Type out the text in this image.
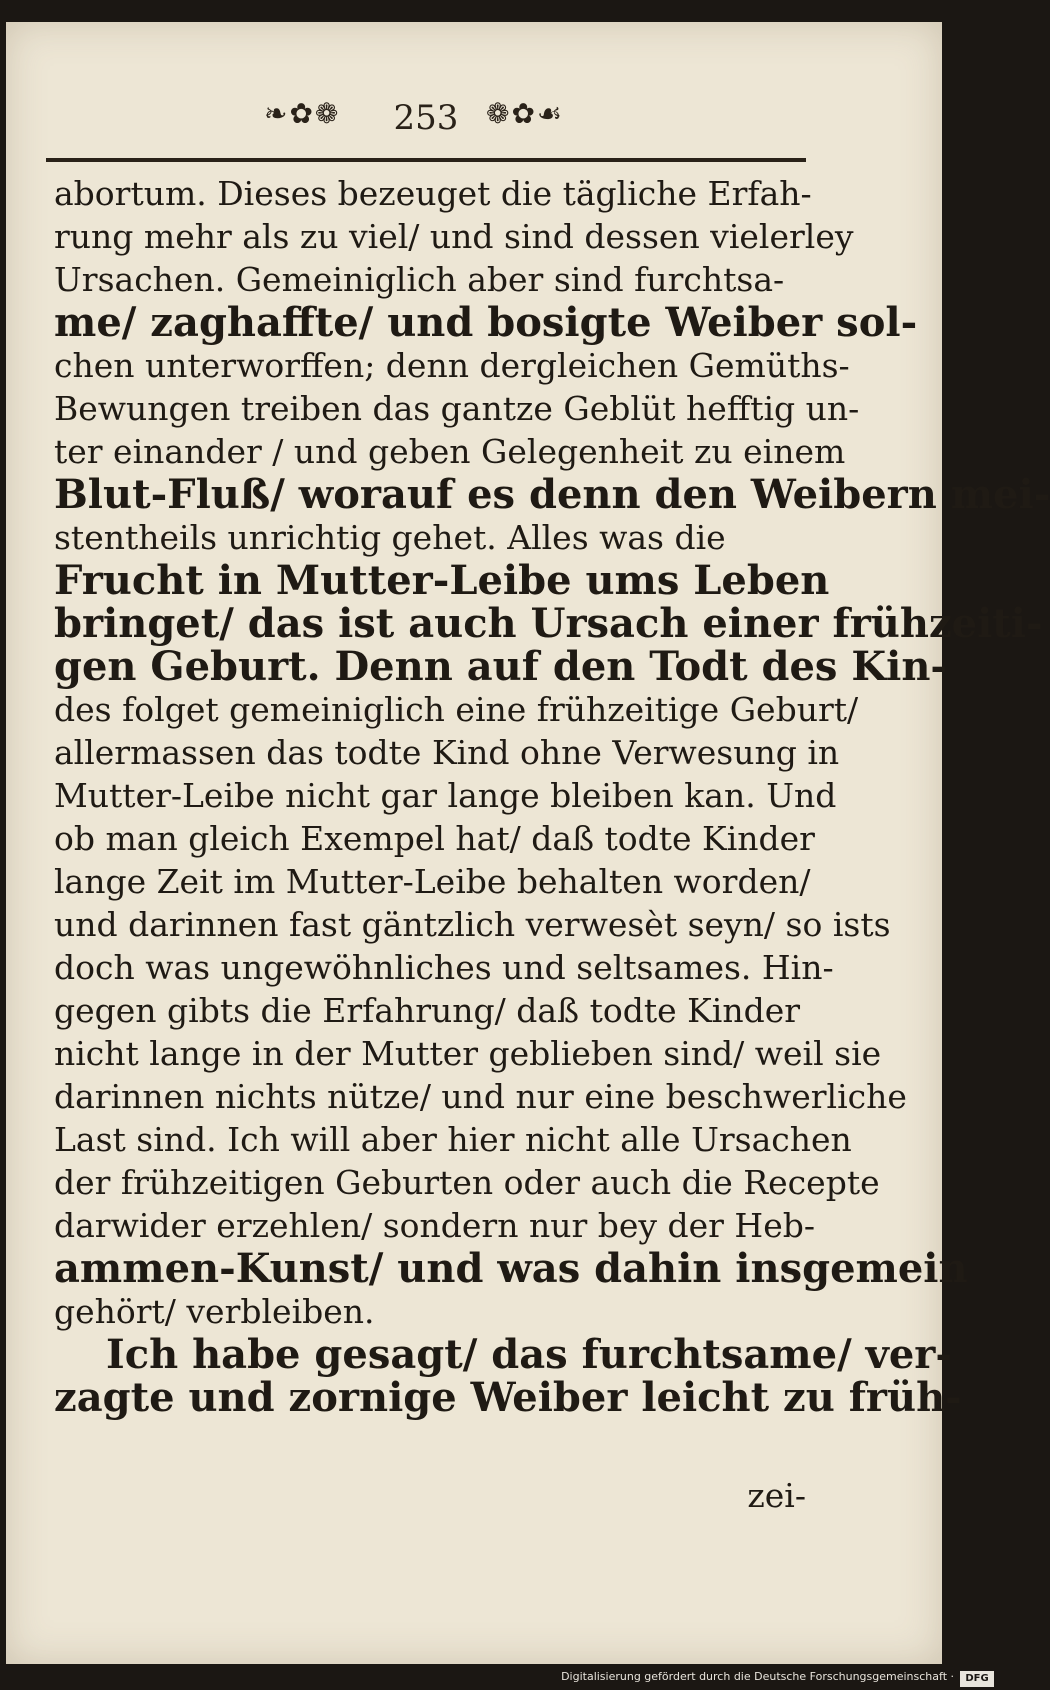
❧✿❁	253 ❁✿☙
abortum. Dieses bezeuget die tägliche Erfah-
rung mehr als zu viel/ und sind dessen vielerley
Ursachen. Gemeiniglich aber sind furchtsa-
me/ zaghaffte/ und bosigte Weiber sol-
chen unterworffen; denn dergleichen Gemüths-
Bewungen treiben das gantze Geblüt hefftig un-
ter einander / und geben Gelegenheit zu einem
Blut-Fluß/ worauf es denn den Weibern mei-
stentheils unrichtig gehet. Alles was die
Frucht in Mutter-Leibe ums Leben
bringet/ das ist auch Ursach einer frühzeiti-
gen Geburt. Denn auf den Todt des Kin-
des folget gemeiniglich eine frühzeitige Geburt/
allermassen das todte Kind ohne Verwesung in
Mutter-Leibe nicht gar lange bleiben kan. Und
ob man gleich Exempel hat/ daß todte Kinder
lange Zeit im Mutter-Leibe behalten worden/
und darinnen fast gäntzlich verwesèt seyn/ so ists
doch was ungewöhnliches und seltsames. Hin-
gegen gibts die Erfahrung/ daß todte Kinder
nicht lange in der Mutter geblieben sind/ weil sie
darinnen nichts nütze/ und nur eine beschwerliche
Last sind. Ich will aber hier nicht alle Ursachen
der frühzeitigen Geburten oder auch die Recepte
darwider erzehlen/ sondern nur bey der Heb-
ammen-Kunst/ und was dahin insgemein
gehört/ verbleiben.
Ich habe gesagt/ das furchtsame/ ver-
zagte und zornige Weiber leicht zu früh-
zei-
Digitalisierung gefördert durch die Deutsche Forschungsgemeinschaft ·	DFG
